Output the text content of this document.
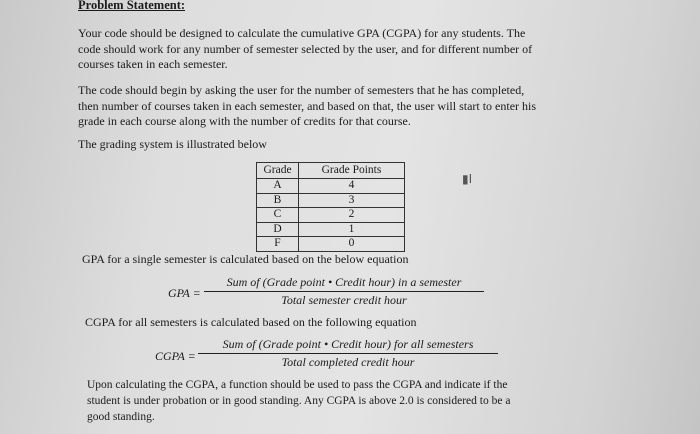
Problem Statement:
Your code should be designed to calculate the cumulative GPA (CGPA) for any students. The
code should work for any number of semester selected by the user, and for different number of
courses taken in each semester.
The code should begin by asking the user for the number of semesters that he has completed,
then number of courses taken in each semester, and based on that, the user will start to enter his
grade in each course along with the number of credits for that course.
The grading system is illustrated below
Grade	Grade Points
A	4
B	3
C	2
D	1
F	0
▮I
GPA for a single semester is calculated based on the below equation
GPA =
Sum of (Grade point • Credit hour) in a semester
Total semester credit hour
CGPA for all semesters is calculated based on the following equation
CGPA =
Sum of (Grade point • Credit hour) for all semesters
Total completed credit hour
Upon calculating the CGPA, a function should be used to pass the CGPA and indicate if the
student is under probation or in good standing. Any CGPA is above 2.0 is considered to be a
good standing.
